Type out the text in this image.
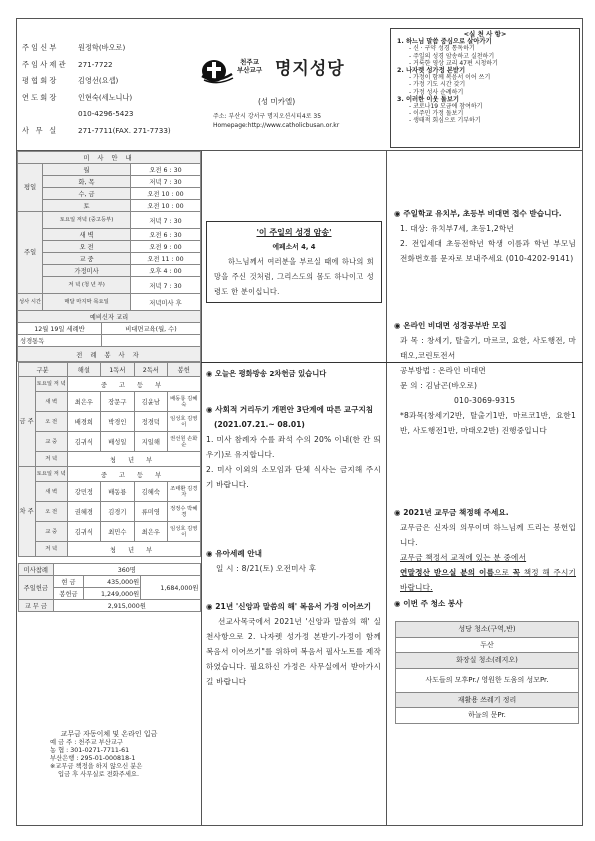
주임신부	원정학(바오로)
주임사제관	271-7722
평협회장	김영선(요셉)
연도회장	인현숙(세노니나)
010-4296-5423
사 무 실	271-7711(FAX. 271-7733)
천주교
부산교구 명지성당
(성 미카엘)
주소: 부산시 강서구 명지오션시티4로 35
Homepage:http://www.catholicbusan.or.kr
<실 천 사 항>
1. 하느님 말씀 중심으로 살아가기
- 신 · 구약 성경 통독하기
- 주일의 성경 암송하고 실천하기
- 거룩한 영상 교리 47편 시청하기
2. 나자렛 성가정 본받기
- 가정이 함께 복음서 이어 쓰기
- 가정 기도 시간 갖기
- 가정 성사 순례하기
3. 이러한 이웃 돌보기
- 코로나19 모금에 참여하기
- 이주민 가정 돌보기
- 생태적 회심으로 기부하기
미 사 안 내
평일	월	오전 6 : 30
화, 목	저녁 7 : 30
수, 금	오전 10 : 00
토	오전 10 : 00
주일	토요일 저녁 (중고등부)	저녁 7 : 30
새 벽	오전 6 : 30
오 전	오전 9 : 00
교 중	오전 11 : 00
가정미사	오후 4 : 00
저 녁 (청 년 부)	저녁 7 : 30
성사 시간	매달 마지막 목요일	저녁미사 후
예비신자 교리
12월 19일 세례반	비대면교육(월, 수)
성경통독	
전 례 봉 사 자

구분	해설	1독서	2독서	봉헌
금 주	토요일 저 녁	중 고 등 부
새 벽	최은우	장문구	김윤남	배동룡 김혜숙
오 전	배경희	박경인	정경덕	임성호 김영이
교 중	김귀식	배성일	지일해	권선원 손화순
저 녁	청 년 부
차 주	토요일 저 녁	중 고 등 부
새 벽	강민정	배동룡	김혜숙	조태환 김경자
오 전	권혜경	김경기	류미영	정정수 박혜경
교 중	김귀식	최민수	최은우	임성호 김영이
저 녁	청 년 부

미사참례	360명
주일헌금	현 금	435,000원	1,684,000원
봉헌금	1,249,000원
교 무 금	2,915,000원
교무금 자동이체 및 온라인 입금
예 금 주 : 천주교 부산교구
농 협 : 301-0271-7711-61
부산은행 : 295-01-000818-1
※교무금 책정을 하지 않으신 분은
입금 후 사무실로 전화주세요.
'이 주일의 성경 암송'
에페소서 4, 4
하느님께서 여러분을 부르실 때에 하나의 희망을 주신 것처럼, 그리스도의 몸도 하나이고 성령도 한 분이십니다.
◉ 오늘은 평화방송 2차헌금 있습니다
◉ 사회적 거리두기 개편안 3단계에 따른 교구지침
(2021.07.21.~ 08.01)
1. 미사 참례자 수를 좌석 수의 20% 이내(한 칸 띄우기)로 유지합니다.
2. 미사 이외의 소모임과 단체 식사는 금지해 주시기 바랍니다.
◉ 유아세례 안내
일 시 : 8/21(토) 오전미사 후
◉ 21년 '신앙과 말씀의 해' 복음서 가정 이어쓰기
선교사목국에서 2021년 '신앙과 말씀의 해' 실천사항으로 2. 나자렛 성가정 본받기-가정이 함께 복음서 이어쓰기"를 위하여 복음서 필사노트를 제작하였습니다. 필요하신 가정은 사무실에서 받아가시길 바랍니다
◉ 주일학교 유치부, 초등부 비대면 접수 받습니다.
1. 대상: 유치부7세, 초등1,2학년
2. 전입세대 초등전학년 학생 이름과 학년 부모님 전화번호를 문자로 보내주세요 (010-4202-9141)
◉ 온라인 비대면 성경공부반 모집
과 목 : 창세기, 탈출기, 마르코, 요한, 사도행전, 마태오,코린토전서
공부방법 : 온라인 비대면
문 의 : 김남곤(바오로)
010-3069-9315
*8과목(창세기2반, 탈출기1반, 마르코1반, 요한1반, 사도행전1반, 마태오2반) 진행중입니다
◉ 2021년 교무금 책정해 주세요.
교무금은 신자의 의무이며 하느님께 드리는 봉헌입니다.
교무금 책정서 교적에 있는 분 중에서
연말정산 받으실 분의 이름으로 꼭 책정 해 주시기 바랍니다.
◉ 이번 주 청소 봉사
성당 청소(구역,반)
두산
화장실 청소(레지오)
사도들의 모후Pr./ 영원한 도움의 성모Pr.
재활용 쓰레기 정리
하늘의 문Pr.
